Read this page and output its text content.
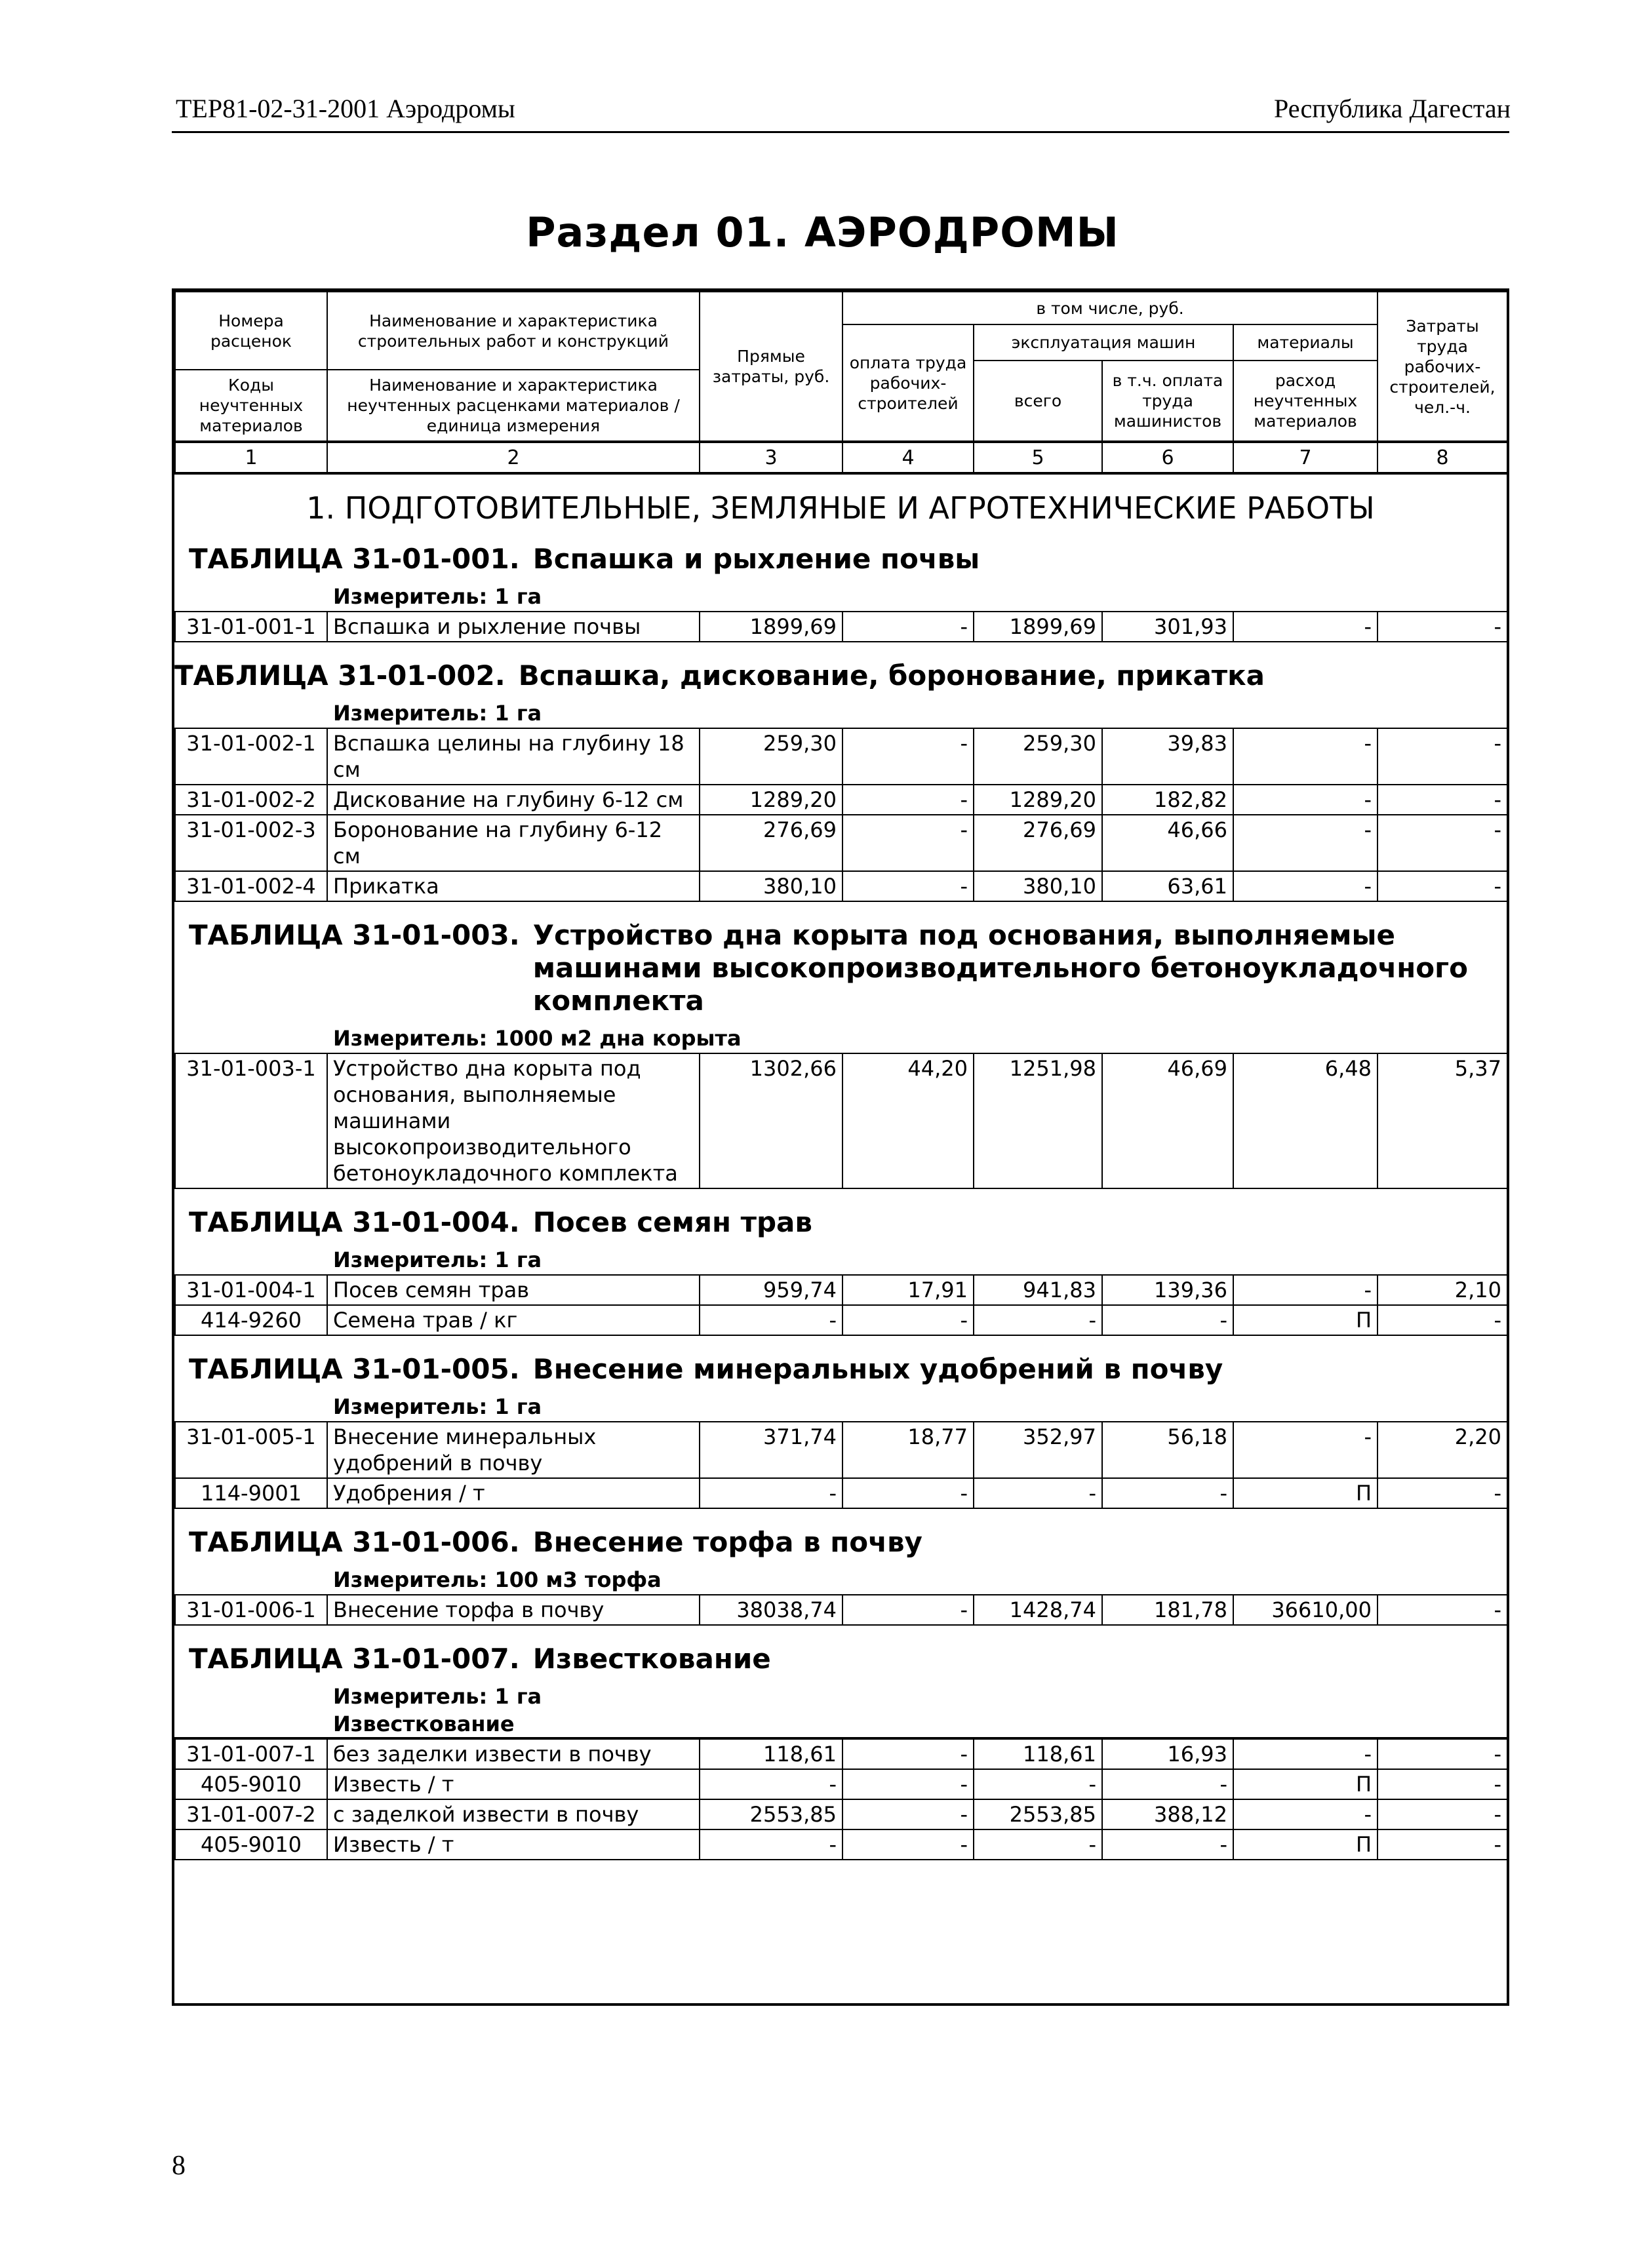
ТЕР81-02-31-2001 Аэродромы	Республика Дагестан
Раздел 01. АЭРОДРОМЫ
Номера расценок	Наименование и характеристика строительных работ и конструкций	Прямые затраты, руб.	в том числе, руб.				Затраты труда рабочих-строителей, чел.-ч.
			оплата труда рабочих-строителей	эксплуатация машин		материалы	
				всего	в т.ч. оплата труда машинистов	расход неучтенных материалов	
Коды неучтенных материалов	Наименование и характеристика неучтенных расценками материалов / единица измерения						

1	2	3	4	5	6	7	8
1. ПОДГОТОВИТЕЛЬНЫЕ, ЗЕМЛЯНЫЕ И АГРОТЕХНИЧЕСКИЕ РАБОТЫ
ТАБЛИЦА 31-01-001. Вспашка и рыхление почвы
Измеритель: 1 га
31-01-001-1	Вспашка и рыхление почвы	1899,69	-	1899,69	301,93	-	-
ТАБЛИЦА 31-01-002. Вспашка, дискование, боронование, прикатка
Измеритель: 1 га
31-01-002-1	Вспашка целины на глубину 18 см	259,30	-	259,30	39,83	-	-
31-01-002-2	Дискование на глубину 6-12 см	1289,20	-	1289,20	182,82	-	-
31-01-002-3	Боронование на глубину 6-12 см	276,69	-	276,69	46,66	-	-
31-01-002-4	Прикатка	380,10	-	380,10	63,61	-	-
ТАБЛИЦА 31-01-003. Устройство дна корыта под основания, выполняемые машинами высокопроизводительного бетоноукладочного комплекта
Измеритель: 1000 м2 дна корыта
31-01-003-1	Устройство дна корыта под основания, выполняемые машинами высокопроизводительного бетоноукладочного комплекта	1302,66	44,20	1251,98	46,69	6,48	5,37
ТАБЛИЦА 31-01-004. Посев семян трав
Измеритель: 1 га
31-01-004-1	Посев семян трав	959,74	17,91	941,83	139,36	-	2,10
414-9260	Семена трав / кг	-	-	-	-	П	-
ТАБЛИЦА 31-01-005. Внесение минеральных удобрений в почву
Измеритель: 1 га
31-01-005-1	Внесение минеральных удобрений в почву	371,74	18,77	352,97	56,18	-	2,20
114-9001	Удобрения / т	-	-	-	-	П	-
ТАБЛИЦА 31-01-006. Внесение торфа в почву
Измеритель: 100 м3 торфа
31-01-006-1	Внесение торфа в почву	38038,74	-	1428,74	181,78	36610,00	-
ТАБЛИЦА 31-01-007. Известкование
Измеритель: 1 га
Известкование
31-01-007-1	без заделки извести в почву	118,61	-	118,61	16,93	-	-
405-9010	Известь / т	-	-	-	-	П	-
31-01-007-2	с заделкой извести в почву	2553,85	-	2553,85	388,12	-	-
405-9010	Известь / т	-	-	-	-	П	-
8
